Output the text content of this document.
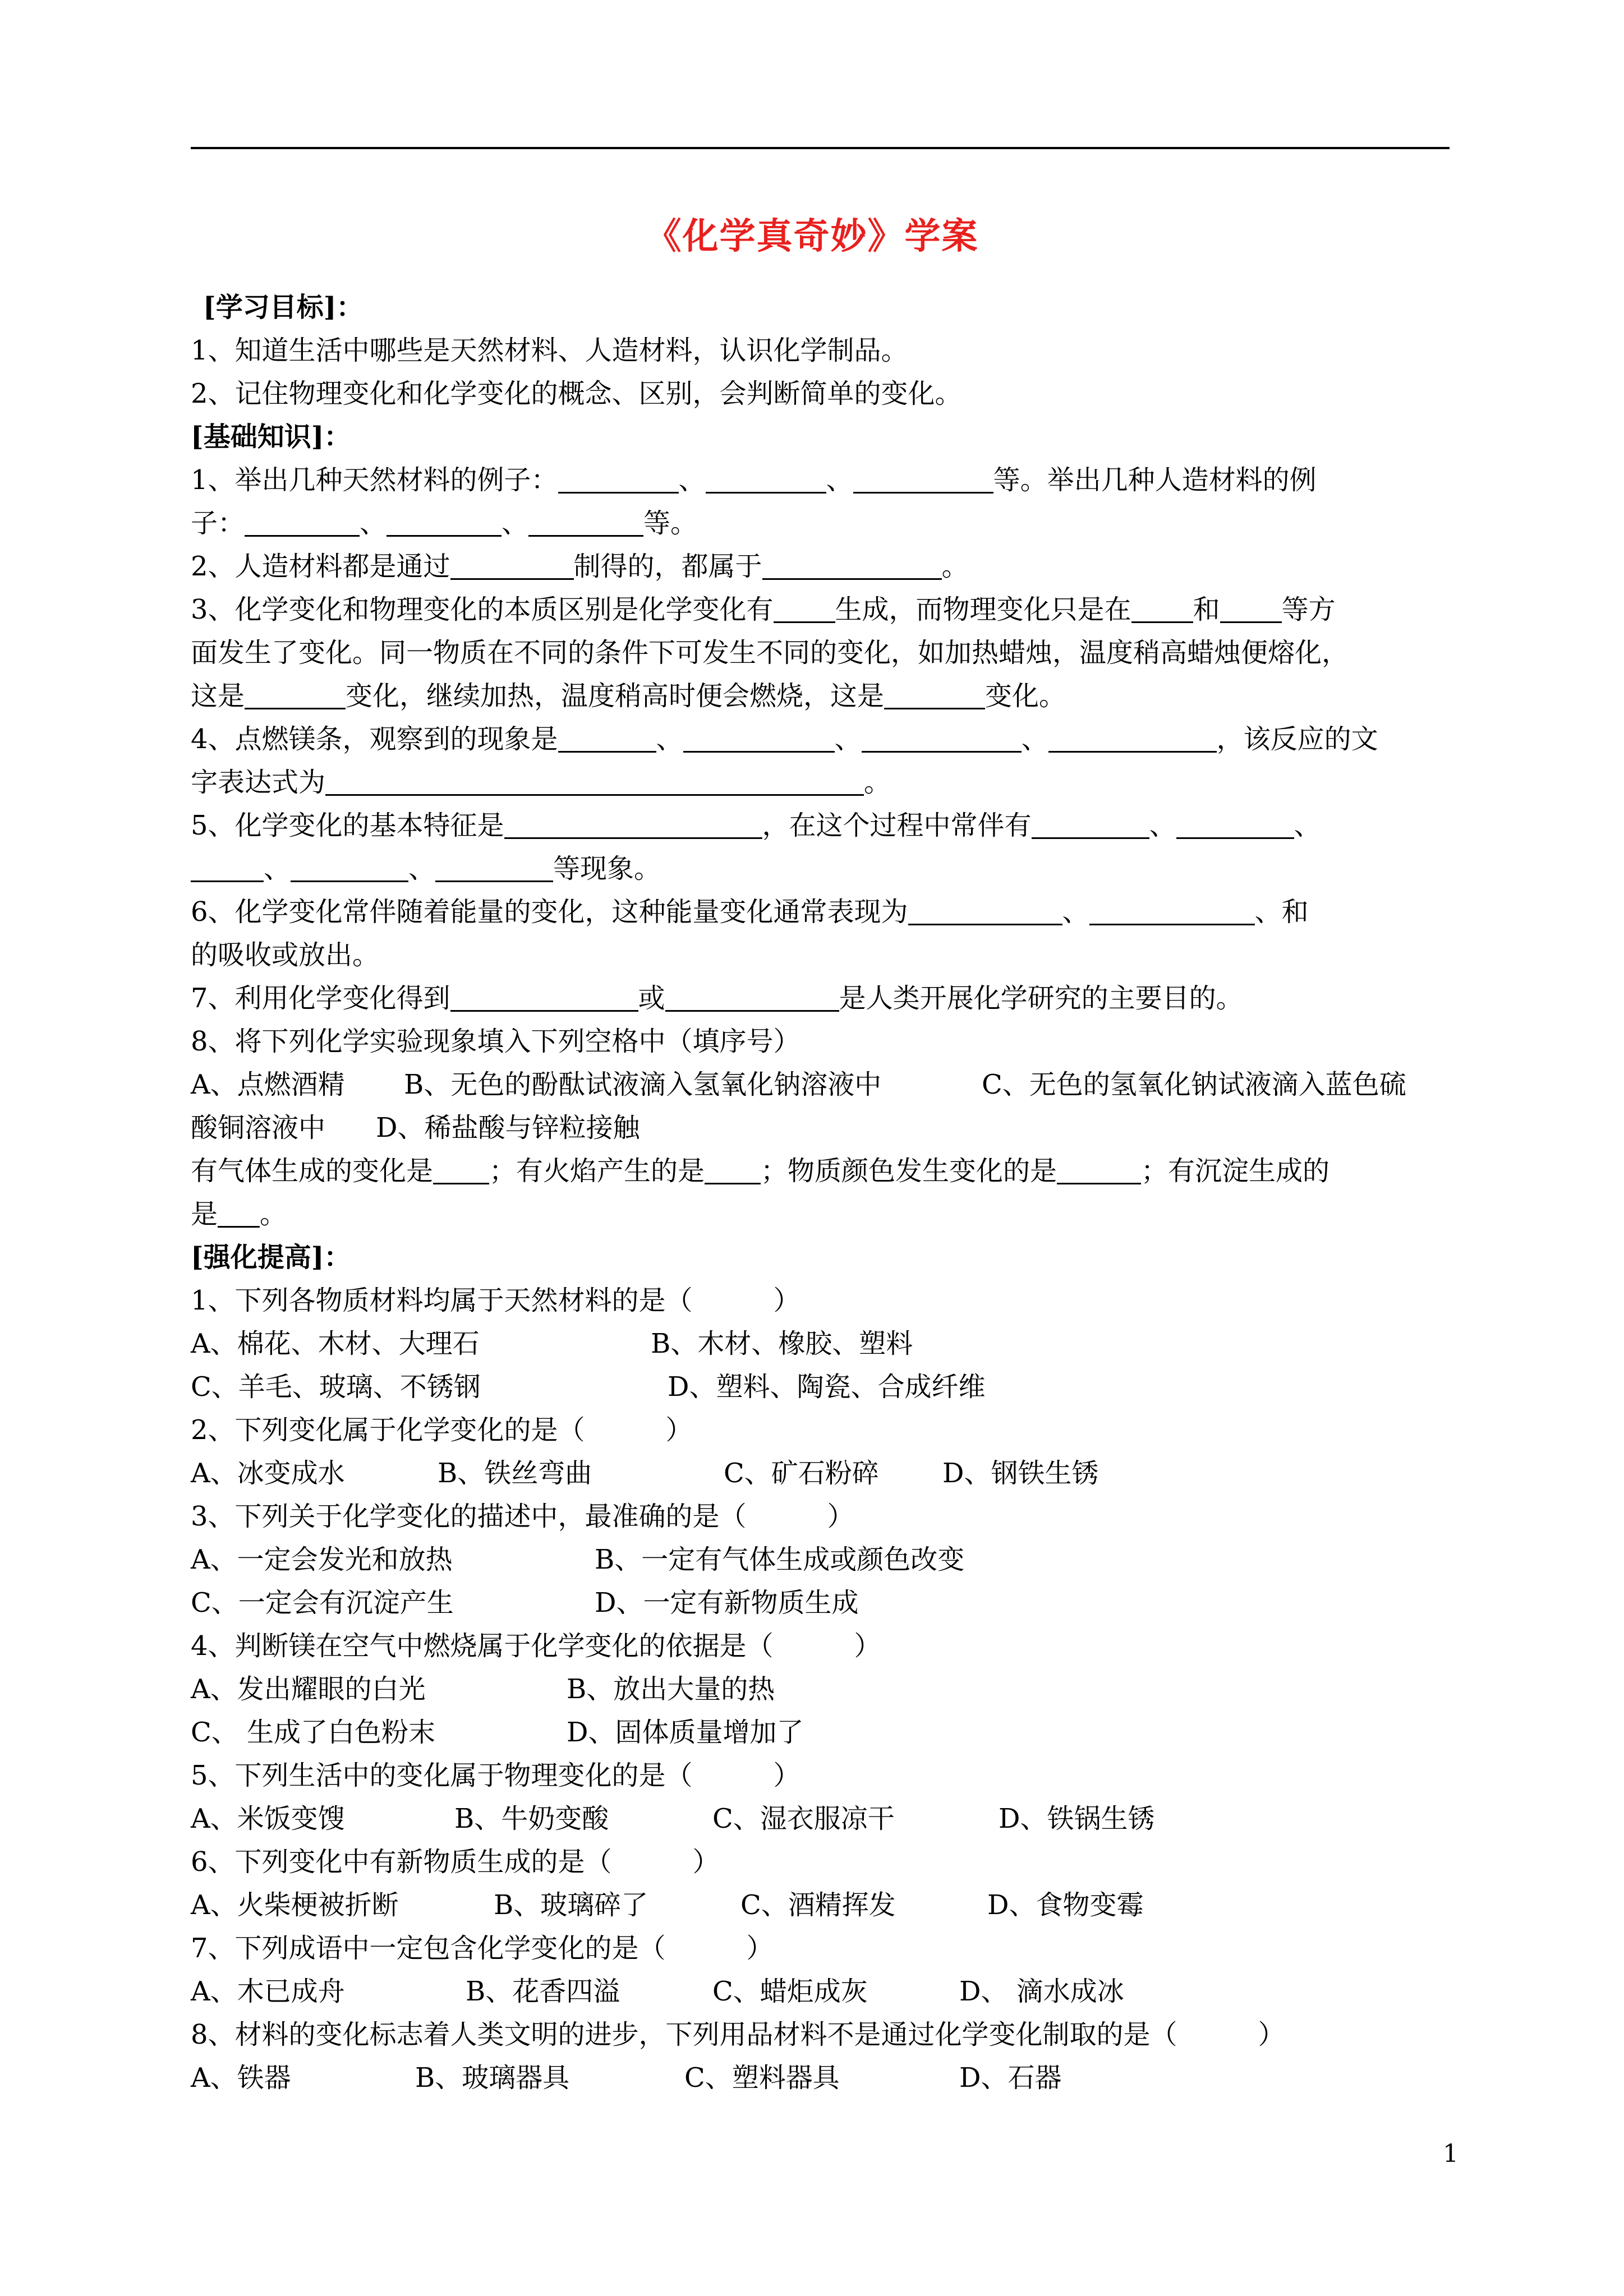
《化学真奇妙》学案
[学习目标]：
1、知道生活中哪些是天然材料、人造材料，认识化学制品。
2、记住物理变化和化学变化的概念、区别，会判断简单的变化。
[基础知识]：
1、举出几种天然材料的例子：	、	、	等。举出几种人造材料的例
子：	、	、	等。
2、人造材料都是通过	制得的，都属于	。
3、化学变化和物理变化的本质区别是化学变化有 生成，而物理变化只是在 和 等方
面发生了变化。同一物质在不同的条件下可发生不同的变化，如加热蜡烛，温度稍高蜡烛便熔化，
这是	变化，继续加热，温度稍高时便会燃烧，这是	变化。
4、点燃镁条，观察到的现象是	、	、	、	，该反应的文
字表达式为	。
5、化学变化的基本特征是	，在这个过程中常伴有	、	、
、	、	等现象。
6、化学变化常伴随着能量的变化，这种能量变化通常表现为	、	、和
的吸收或放出。
7、利用化学变化得到	或	是人类开展化学研究的主要目的。
8、将下列化学实验现象填入下列空格中（填序号）
A、点燃酒精 B、无色的酚酞试液滴入氢氧化钠溶液中	C、无色的氢氧化钠试液滴入蓝色硫
酸铜溶液中 D、稀盐酸与锌粒接触
有气体生成的变化是 ；有火焰产生的是 ；物质颜色发生变化的是	；有沉淀生成的
是 。
[强化提高]：
1、下列各物质材料均属于天然材料的是（　　　）
A、棉花、木材、大理石	B、木材、橡胶、塑料
C、羊毛、玻璃、不锈钢	D、塑料、陶瓷、合成纤维
2、下列变化属于化学变化的是（　　　）
A、冰变成水	B、铁丝弯曲	C、矿石粉碎 D、钢铁生锈
3、下列关于化学变化的描述中，最准确的是（　　　）
A、一定会发光和放热	B、一定有气体生成或颜色改变
C、一定会有沉淀产生	D、一定有新物质生成
4、判断镁在空气中燃烧属于化学变化的依据是（　　　）
A、发出耀眼的白光	B、放出大量的热
C、 生成了白色粉末	D、固体质量增加了
5、下列生活中的变化属于物理变化的是（　　　）
A、米饭变馊	B、牛奶变酸	C、湿衣服凉干	D、铁锅生锈
6、下列变化中有新物质生成的是（　　　）
A、火柴梗被折断	B、玻璃碎了	C、酒精挥发	D、食物变霉
7、下列成语中一定包含化学变化的是（　　　）
A、木已成舟	B、花香四溢	C、蜡炬成灰	D、 滴水成冰
8、材料的变化标志着人类文明的进步，下列用品材料不是通过化学变化制取的是（　　　）
A、铁器	B、玻璃器具	C、塑料器具	D、石器
1
